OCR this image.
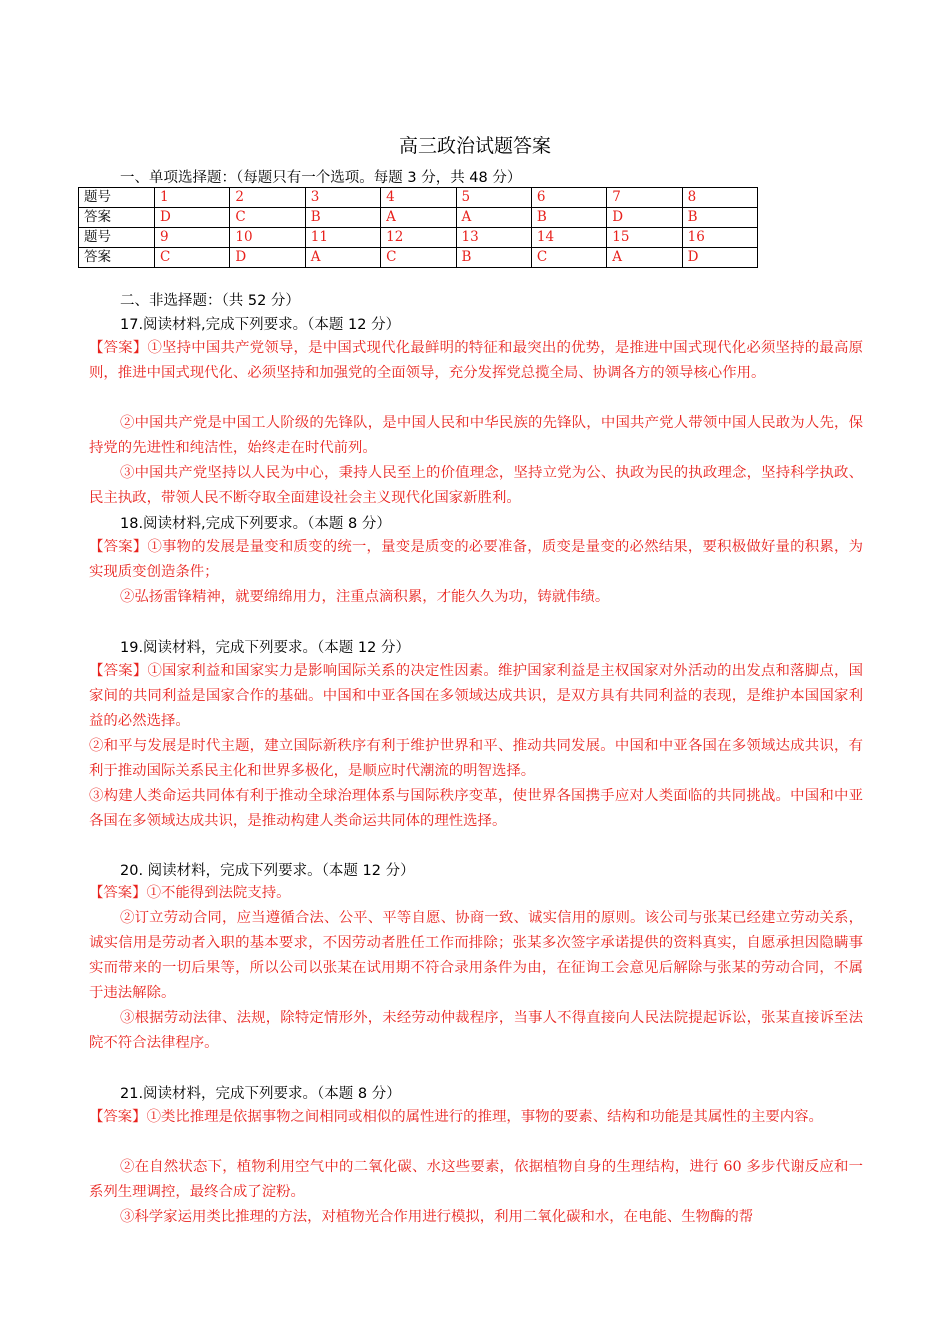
高三政治试题答案
一、单项选择题：（每题只有一个选项。每题 3 分，共 48 分）
题号	1	2	3	4	5	6	7	8
答案	D	C	B	A	A	B	D	B
题号	9	10	11	12	13	14	15	16
答案	C	D	A	C	B	C	A	D
二、非选择题：（共 52 分）
17.阅读材料,完成下列要求。（本题 12 分）
【答案】①坚持中国共产党领导，是中国式现代化最鲜明的特征和最突出的优势，是推进中国式现代化必须坚持的最高原则，推进中国式现代化、必须坚持和加强党的全面领导，充分发挥党总揽全局、协调各方的领导核心作用。
②中国共产党是中国工人阶级的先锋队，是中国人民和中华民族的先锋队，中国共产党人带领中国人民敢为人先，保持党的先进性和纯洁性，始终走在时代前列。
③中国共产党坚持以人民为中心，秉持人民至上的价值理念，坚持立党为公、执政为民的执政理念，坚持科学执政、民主执政，带领人民不断夺取全面建设社会主义现代化国家新胜利。
18.阅读材料,完成下列要求。（本题 8 分）
【答案】①事物的发展是量变和质变的统一，量变是质变的必要准备，质变是量变的必然结果，要积极做好量的积累，为实现质变创造条件；
②弘扬雷锋精神，就要绵绵用力，注重点滴积累，才能久久为功，铸就伟绩。
19.阅读材料，完成下列要求。（本题 12 分）
【答案】①国家利益和国家实力是影响国际关系的决定性因素。维护国家利益是主权国家对外活动的出发点和落脚点，国家间的共同利益是国家合作的基础。中国和中亚各国在多领域达成共识，是双方具有共同利益的表现，是维护本国国家利益的必然选择。
②和平与发展是时代主题，建立国际新秩序有利于维护世界和平、推动共同发展。中国和中亚各国在多领域达成共识，有利于推动国际关系民主化和世界多极化，是顺应时代潮流的明智选择。
③构建人类命运共同体有利于推动全球治理体系与国际秩序变革，使世界各国携手应对人类面临的共同挑战。中国和中亚各国在多领域达成共识，是推动构建人类命运共同体的理性选择。
20. 阅读材料，完成下列要求。（本题 12 分）
【答案】①不能得到法院支持。
②订立劳动合同，应当遵循合法、公平、平等自愿、协商一致、诚实信用的原则。该公司与张某已经建立劳动关系，诚实信用是劳动者入职的基本要求，不因劳动者胜任工作而排除；张某多次签字承诺提供的资料真实，自愿承担因隐瞒事实而带来的一切后果等，所以公司以张某在试用期不符合录用条件为由，在征询工会意见后解除与张某的劳动合同，不属于违法解除。
③根据劳动法律、法规，除特定情形外，未经劳动仲裁程序，当事人不得直接向人民法院提起诉讼，张某直接诉至法院不符合法律程序。
21.阅读材料，完成下列要求。（本题 8 分）
【答案】①类比推理是依据事物之间相同或相似的属性进行的推理，事物的要素、结构和功能是其属性的主要内容。
②在自然状态下，植物利用空气中的二氧化碳、水这些要素，依据植物自身的生理结构，进行 60 多步代谢反应和一系列生理调控，最终合成了淀粉。
③科学家运用类比推理的方法，对植物光合作用进行模拟，利用二氧化碳和水，在电能、生物酶的帮
